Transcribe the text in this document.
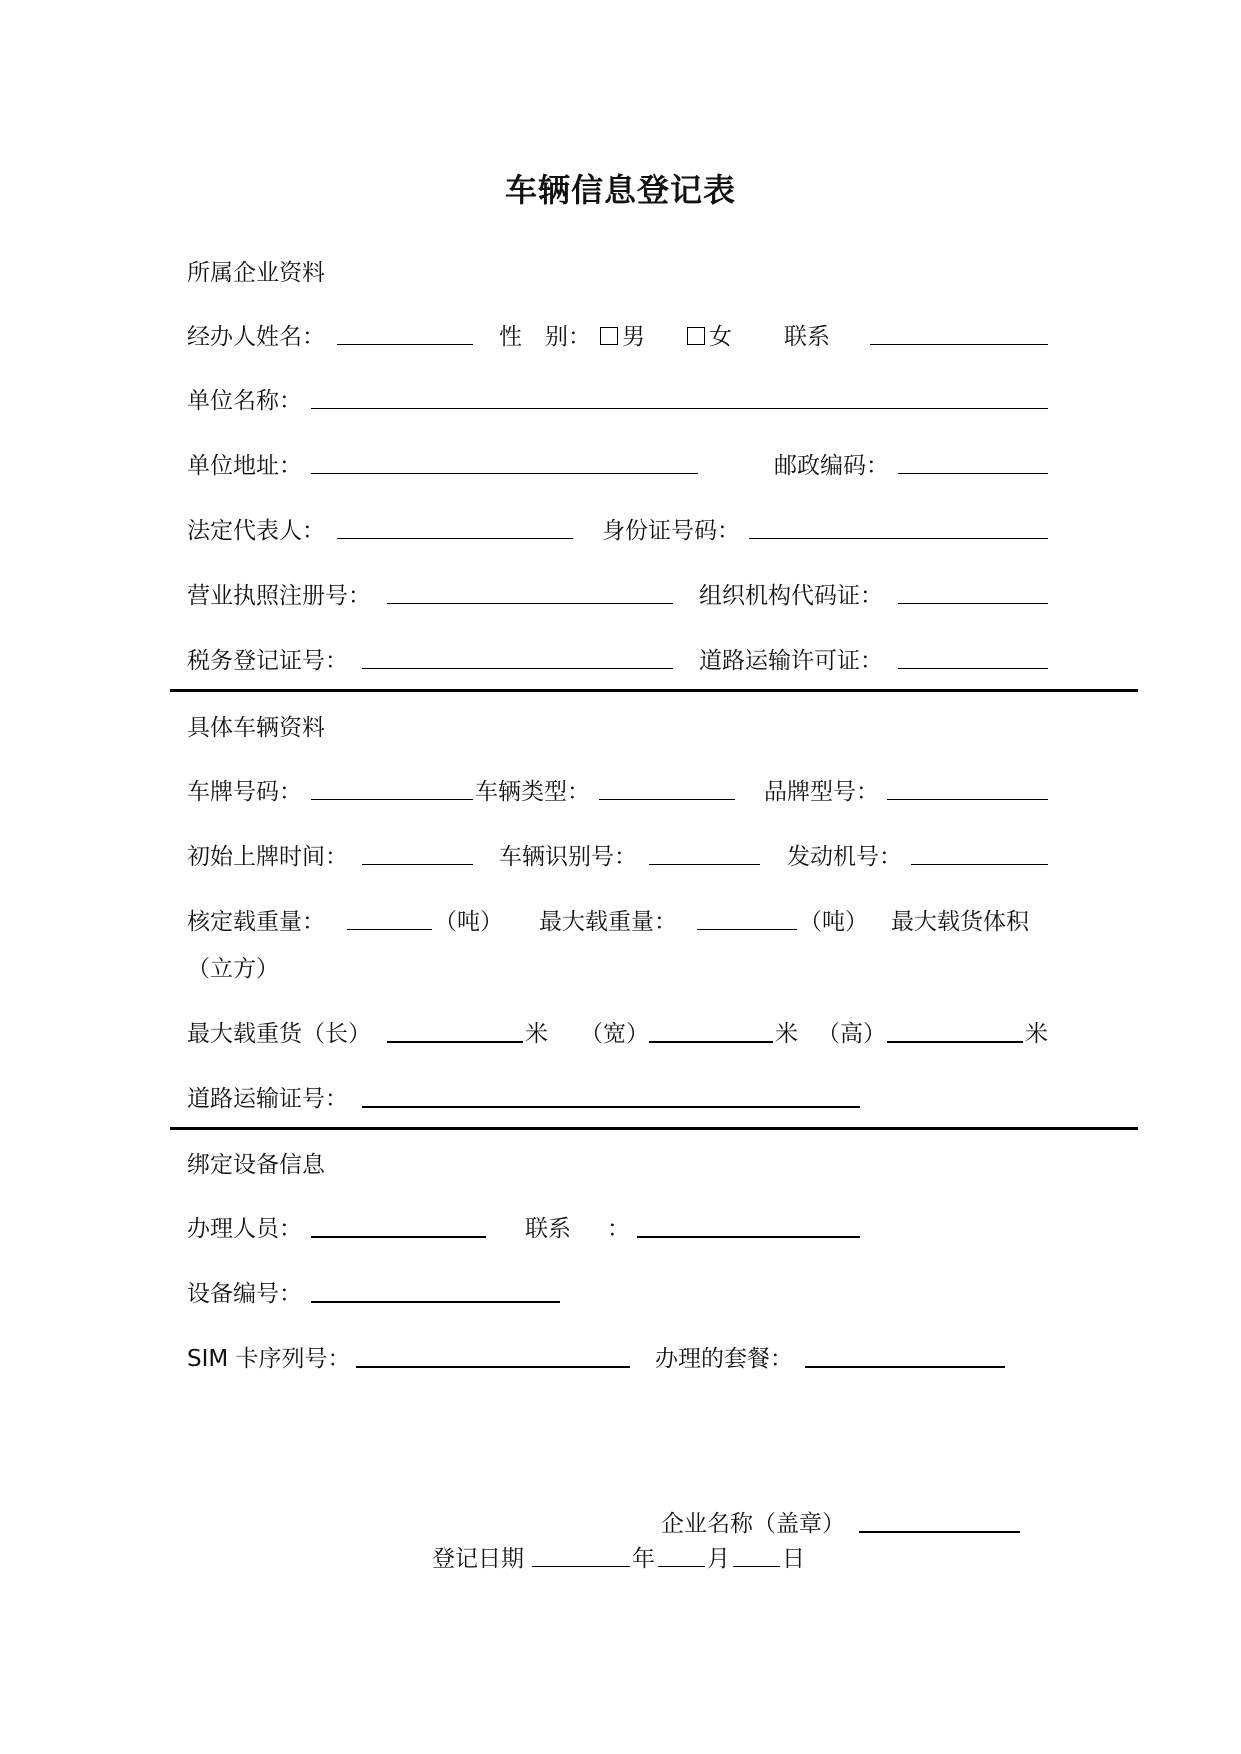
车辆信息登记表
所属企业资料
经办人姓名：	性　别：	男	女 联系
单位名称：
单位地址：	邮政编码：
法定代表人：	身份证号码：
营业执照注册号：	组织机构代码证：
税务登记证号：	道路运输许可证：
具体车辆资料
车牌号码：	车辆类型：	品牌型号：
初始上牌时间：	车辆识别号：	发动机号：
核定载重量：	（吨） 最大载重量：	（吨） 最大载货体积
（立方）
最大载重货（长）	米 （宽）	米 （高）	米
道路运输证号：
绑定设备信息
办理人员：	联系 ：
设备编号：
SIM 卡序列号：	办理的套餐：
企业名称（盖章）
登记日期	年 月 日
